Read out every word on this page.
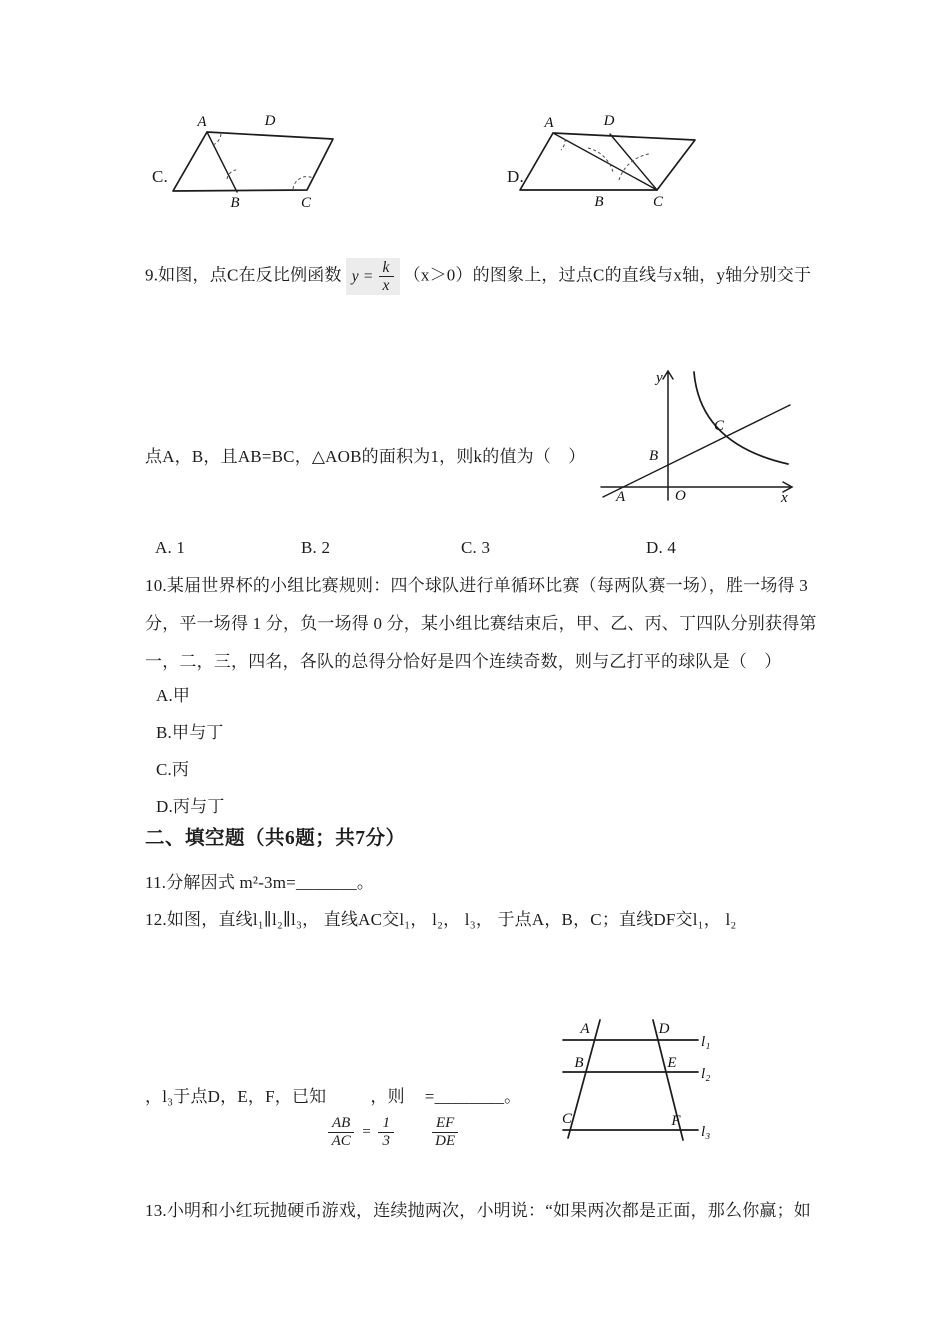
C.
A	D
B	C
D.
A	D
B	C
9.如图，点C在反比例函数 $y = \frac{k}{x} (x>0)$的图象上，过点C的直线与x轴，y轴分别交于
y
x
O
A
B
C
点A，B，且AB=BC，△AOB的面积为1，则k的值为（　）
A. 1	B. 2	C. 3	D. 4
10.某届世界杯的小组比赛规则：四个球队进行单循环比赛（每两队赛一场），胜一场得 3
分，平一场得 1 分，负一场得 0 分，某小组比赛结束后，甲、乙、丙、丁四队分别获得第
一，二，三，四名，各队的总得分恰好是四个连续奇数，则与乙打平的球队是（　）
A.甲
B.甲与丁
C.丙
D.丙与丁
二、填空题（共6题；共7分）
11.分解因式 m²-3m=_______。
12.如图，直线l₁∥l₂∥l₃， 直线AC交l₁， l₂， l₃， 于点A，B，C；直线DF交l₁， l₂
l₁
l₂
l₃
A
B
C
D
E
F
，l₃于点D，E，F，已知	，则 =________。
$\frac{AB}{AC} = \frac{1}{3}$	$\frac{EF}{DE}$
13.小明和小红玩抛硬币游戏，连续抛两次，小明说：“如果两次都是正面，那么你赢；如
